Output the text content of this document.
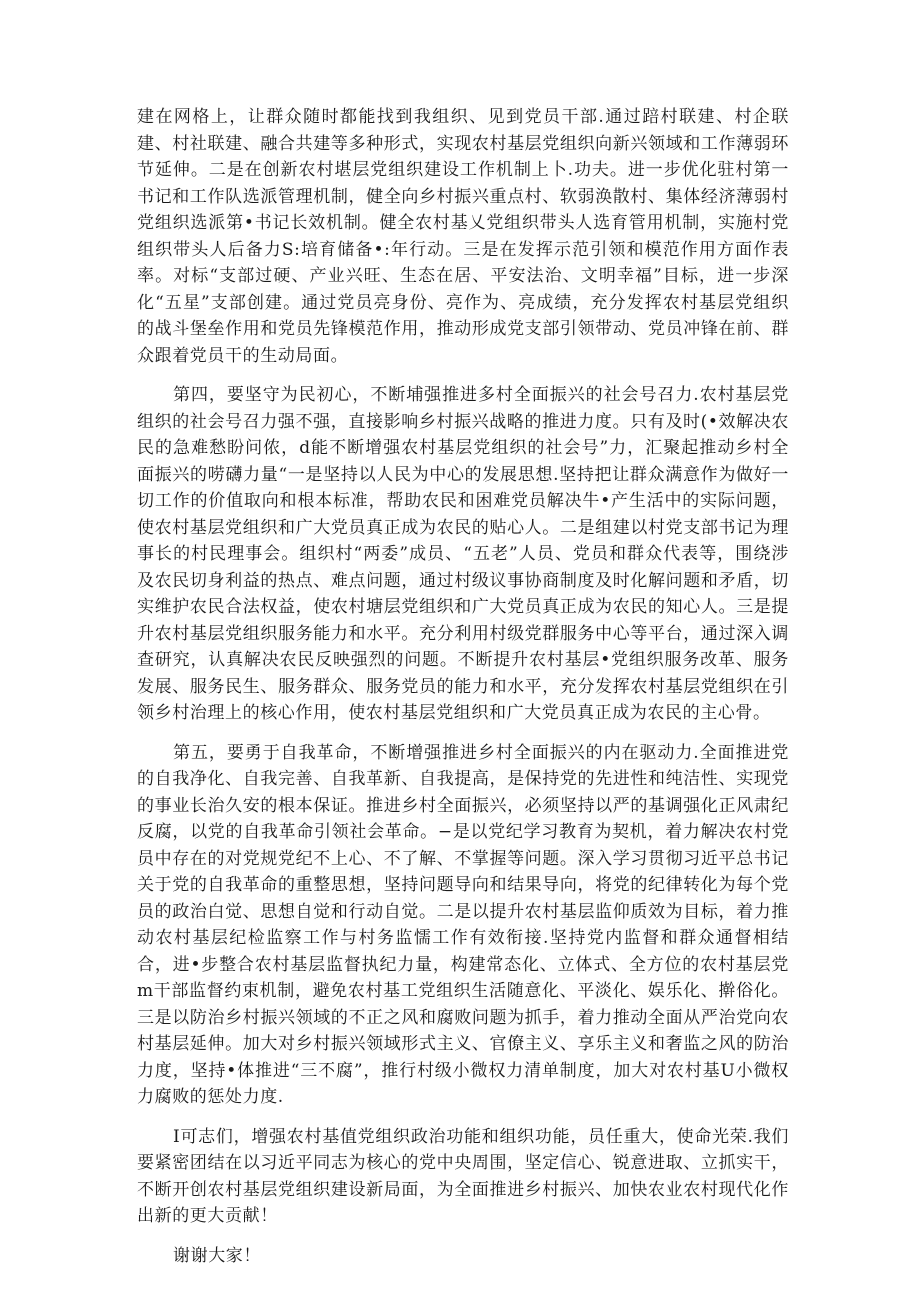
建在网格上，让群众随时都能找到我组织、见到党员干部.通过踣村联建、村企联建、村社联建、融合共建等多种形式，实现农村基层党组织向新兴领域和工作薄弱环节延伸。二是在创新农村堪层党组织建设工作机制上卜.功夫。进一步优化驻村第一书记和工作队选派管理机制，健全向乡村振兴重点村、软弱涣散村、集体经济薄弱村党组织选派第•书记长效机制。健全农村基乂党组织带头人选育管用机制，实施村党组织带头人后备力S:培育储备•:年行动。三是在发挥示范引领和模范作用方面作表率。对标“支部过硬、产业兴旺、生态在居、平安法治、文明幸福”目标，进一步深化“五星”支部创建。通过党员亮身份、亮作为、亮成绩，充分发挥农村基层党组织的战斗堡垒作用和党员先锋模范作用，推动形成党支部引领带动、党员冲锋在前、群众跟着党员干的生动局面。

第四，要坚守为民初心，不断埔强推进多村全面振兴的社会号召力.农村基层党组织的社会号召力强不强，直接影响乡村振兴战略的推进力度。只有及时(•效解决农民的急难愁盼问侬，d能不断增强农村基层党组织的社会号”力，汇聚起推动乡村全面振兴的唠礴力量“一是坚持以人民为中心的发展思想.坚持把让群众满意作为做好一切工作的价值取向和根本标准，帮助农民和困难党员解决牛•产生活中的实际问题，使农村基层党组织和广大党员真正成为农民的贴心人。二是组建以村党支部书记为理事长的村民理事会。组织村“两委”成员、“五老”人员、党员和群众代表等，围绕涉及农民切身利益的热点、难点问题，通过村级议事协商制度及时化解问题和矛盾，切实维护农民合法权益，使农村塘层党组织和广大党员真正成为农民的知心人。三是提升农村基层党组织服务能力和水平。充分利用村级党群服务中心等平台，通过深入调查研究，认真解决农民反映强烈的问题。不断提升农村基层•党组织服务改革、服务发展、服务民生、服务群众、服务党员的能力和水平，充分发挥农村基层党组织在引领乡村治理上的核心作用，使农村基层党组织和广大党员真正成为农民的主心骨。

第五，要勇于自我革命，不断增强推进乡村全面振兴的内在驱动力.全面推进党的自我净化、自我完善、自我革新、自我提高，是保持党的先进性和纯洁性、实现党的事业长治久安的根本保证。推进乡村全面振兴，必须坚持以严的基调强化正风肃纪反腐，以党的自我革命引领社会革命。−是以党纪学习教育为契机，着力解决农村党员中存在的对党规党纪不上心、不了解、不掌握等问题。深入学习贯彻习近平总书记关于党的自我革命的重整思想，坚持问题导向和结果导向，将党的纪律转化为每个党员的政治白觉、思想自觉和行动自觉。二是以提升农村基层监仰质效为目标，着力推动农村基层纪检监察工作与村务监懦工作有效衔接.坚持党内监督和群众通督相结合，进•步整合农村基层监督执纪力量，构建常态化、立体式、全方位的农村基层党m干部监督约束机制，避免农村基工党组织生活随意化、平淡化、娱乐化、擀俗化。三是以防治乡村振兴领域的不正之风和腐败问题为抓手，着力推动全面从严治党向农村基层延伸。加大对乡村振兴领域形式主义、官僚主义、享乐主义和奢监之风的防治力度，坚持•体推进“三不腐”，推行村级小微权力清单制度，加大对农村基U小微权力腐败的惩处力度.

I可志们，增强农村基值党组织政治功能和组织功能，员任重大，使命光荣.我们要紧密团结在以习近平同志为核心的党中央周围，坚定信心、锐意进取、立抓实干，不断开创农村基层党组织建设新局面，为全面推进乡村振兴、加快农业农村现代化作出新的更大贡献！

谢谢大家！
